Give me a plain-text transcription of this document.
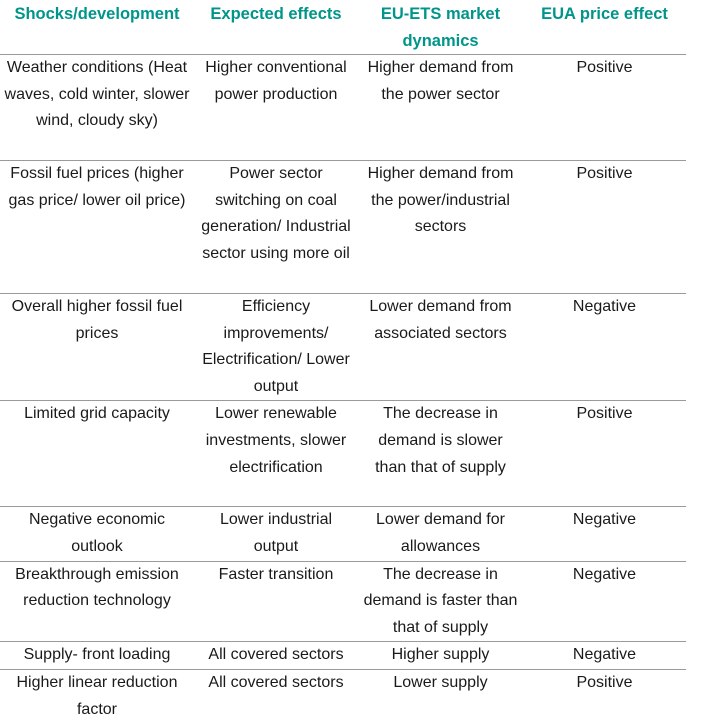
Shocks/development	Expected effects	EU-ETS market dynamics	EUA price effect
Weather conditions (Heat waves, cold winter, slower wind, cloudy sky)	Higher conventional power production	Higher demand from the power sector	Positive
Fossil fuel prices (higher gas price/ lower oil price)	Power sector switching on coal generation/ Industrial sector using more oil	Higher demand from the power/industrial sectors	Positive
Overall higher fossil fuel prices	Efficiency improvements/ Electrification/ Lower output	Lower demand from associated sectors	Negative
Limited grid capacity	Lower renewable investments, slower electrification	The decrease in demand is slower than that of supply	Positive
Negative economic outlook	Lower industrial output	Lower demand for allowances	Negative
Breakthrough emission reduction technology	Faster transition	The decrease in demand is faster than that of supply	Negative
Supply- front loading	All covered sectors	Higher supply	Negative
Higher linear reduction factor	All covered sectors	Lower supply	Positive
